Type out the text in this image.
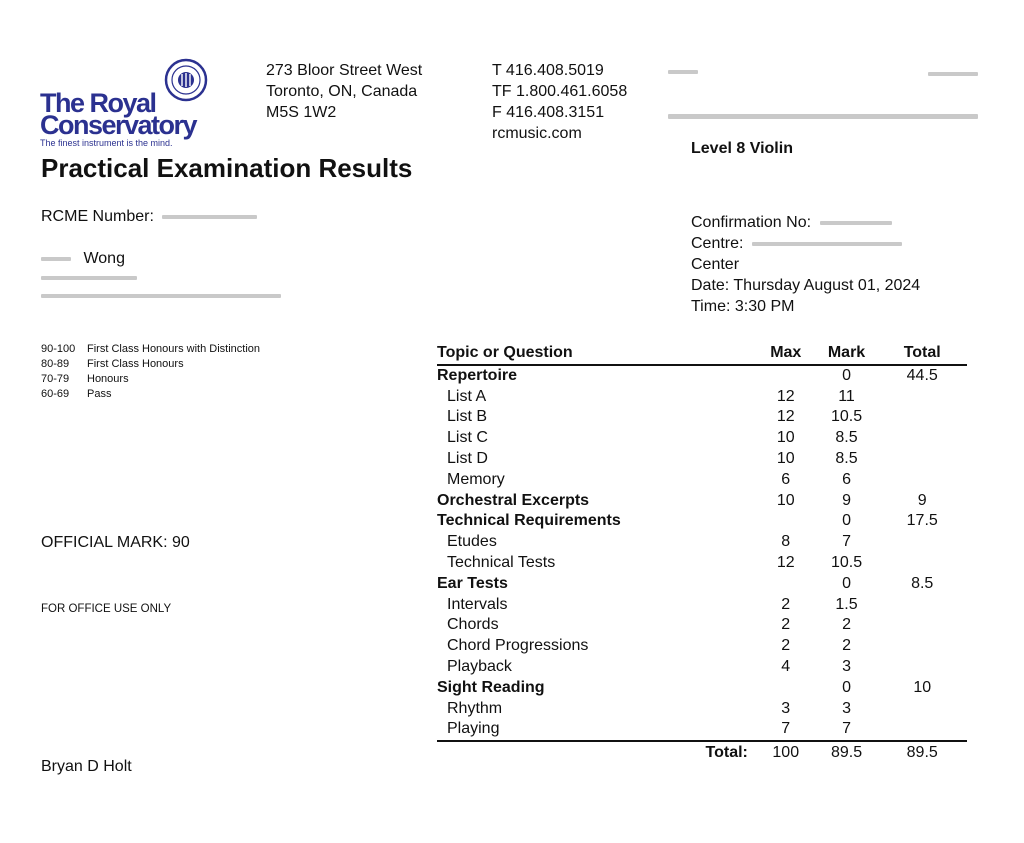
The Royal
Conservatory
The finest instrument is the mind.
Practical Examination Results
273 Bloor Street West
Toronto, ON, Canada
M5S 1W2
T 416.408.5019
TF 1.800.461.6058
F 416.408.3151
rcmusic.com
Level 8 Violin
RCME Number:
Wong
Confirmation No:
Centre:
Center
Date: Thursday August 01, 2024
Time: 3:30 PM
90-100 First Class Honours with Distinction
80-89 First Class Honours
70-79 Honours
60-69 Pass
OFFICIAL MARK: 90
FOR OFFICE USE ONLY
Bryan D Holt
Topic or Question	Max	Mark	Total
Repertoire		0	44.5
List A	12	11	
List B	12	10.5	
List C	10	8.5	
List D	10	8.5	
Memory	6	6	
Orchestral Excerpts	10	9	9
Technical Requirements		0	17.5
Etudes	8	7	
Technical Tests	12	10.5	
Ear Tests		0	8.5
Intervals	2	1.5	
Chords	2	2	
Chord Progressions	2	2	
Playback	4	3	
Sight Reading		0	10
Rhythm	3	3	
Playing	7	7	
Total:	100	89.5	89.5
